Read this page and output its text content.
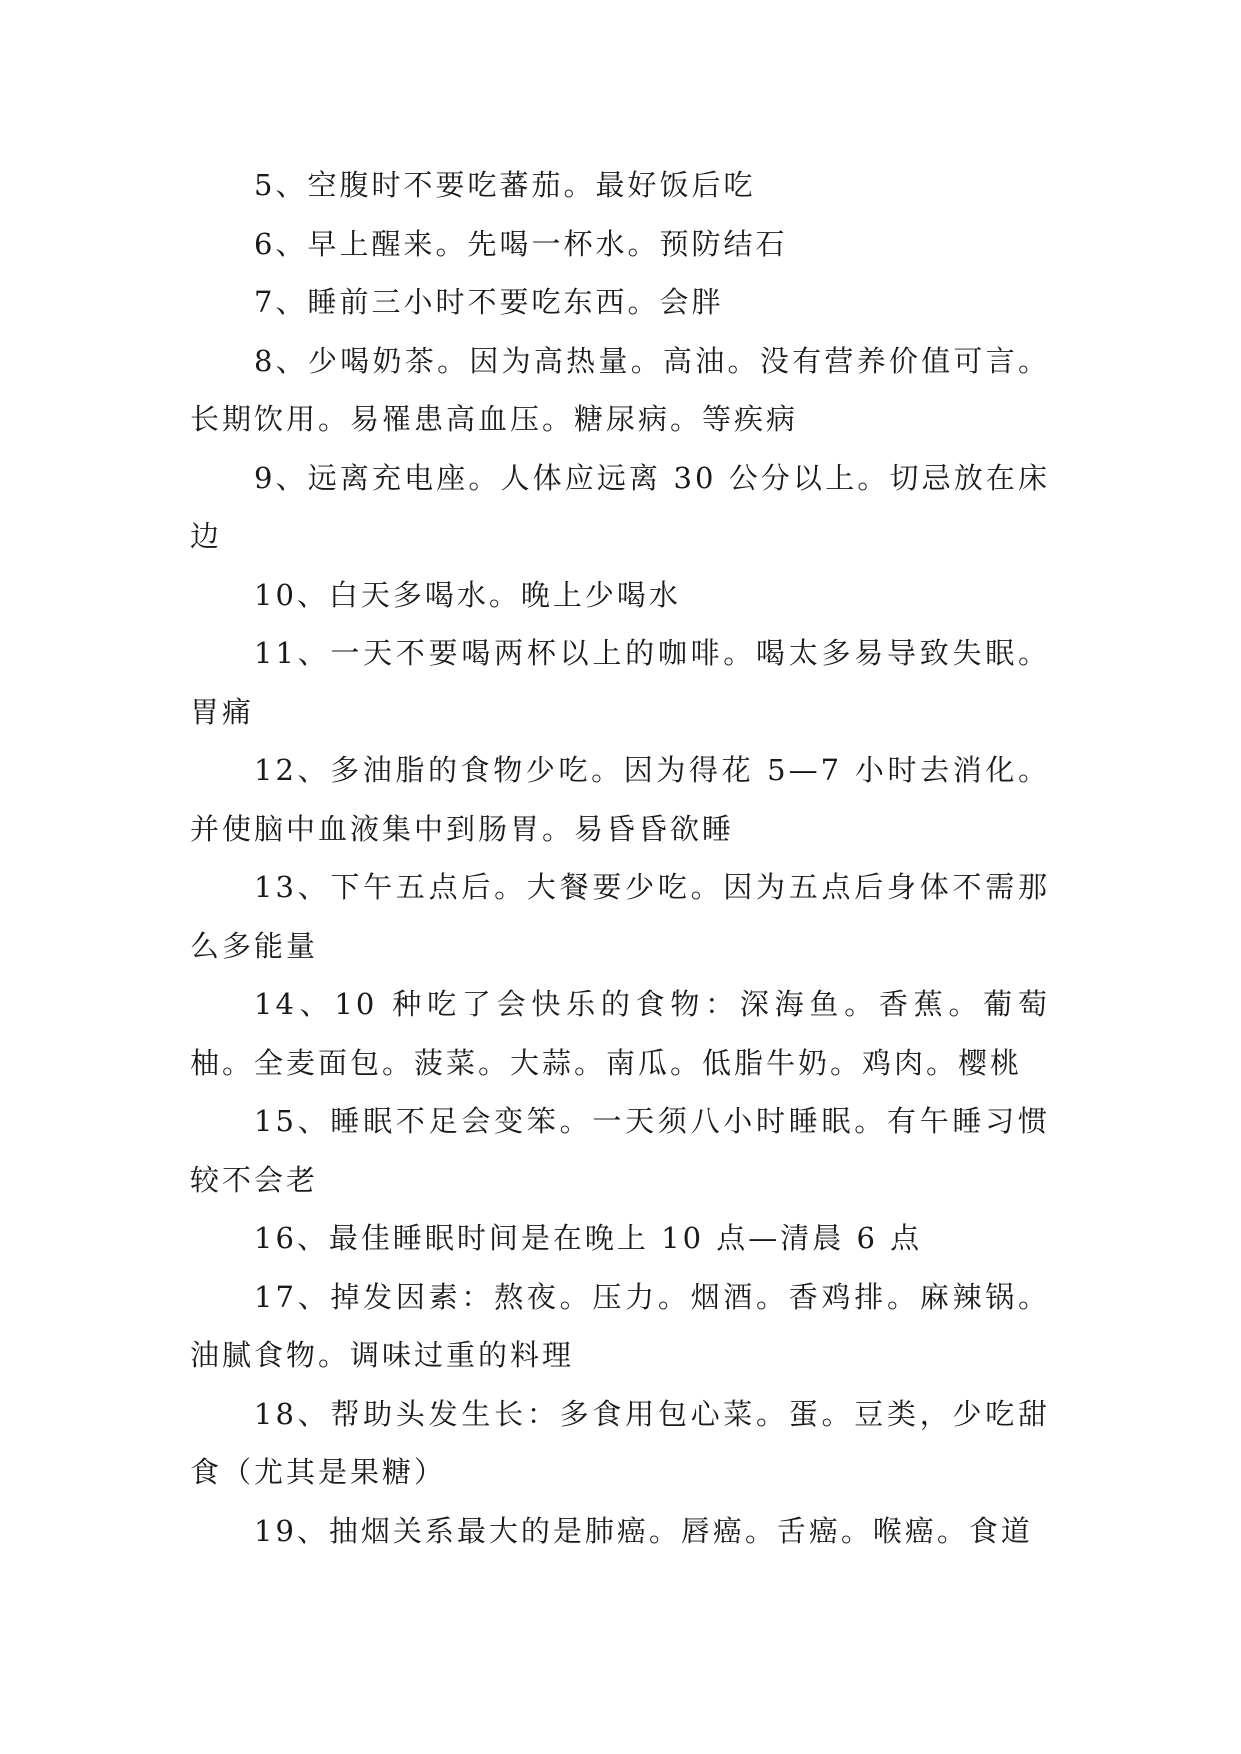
5、空腹时不要吃蕃茄。最好饭后吃

6、早上醒来。先喝一杯水。预防结石

7、睡前三小时不要吃东西。会胖

8、少喝奶茶。因为高热量。高油。没有营养价值可言。长期饮用。易罹患高血压。糖尿病。等疾病

9、远离充电座。人体应远离 30 公分以上。切忌放在床边

10、白天多喝水。晚上少喝水

11、一天不要喝两杯以上的咖啡。喝太多易导致失眠。胃痛

12、多油脂的食物少吃。因为得花 5—7 小时去消化。并使脑中血液集中到肠胃。易昏昏欲睡

13、下午五点后。大餐要少吃。因为五点后身体不需那么多能量

14、10 种吃了会快乐的食物：深海鱼。香蕉。葡萄柚。全麦面包。菠菜。大蒜。南瓜。低脂牛奶。鸡肉。樱桃

15、睡眠不足会变笨。一天须八小时睡眠。有午睡习惯较不会老

16、最佳睡眠时间是在晚上 10 点—清晨 6 点

17、掉发因素：熬夜。压力。烟酒。香鸡排。麻辣锅。油腻食物。调味过重的料理

18、帮助头发生长：多食用包心菜。蛋。豆类，少吃甜食（尤其是果糖）

19、抽烟关系最大的是肺癌。唇癌。舌癌。喉癌。食道
